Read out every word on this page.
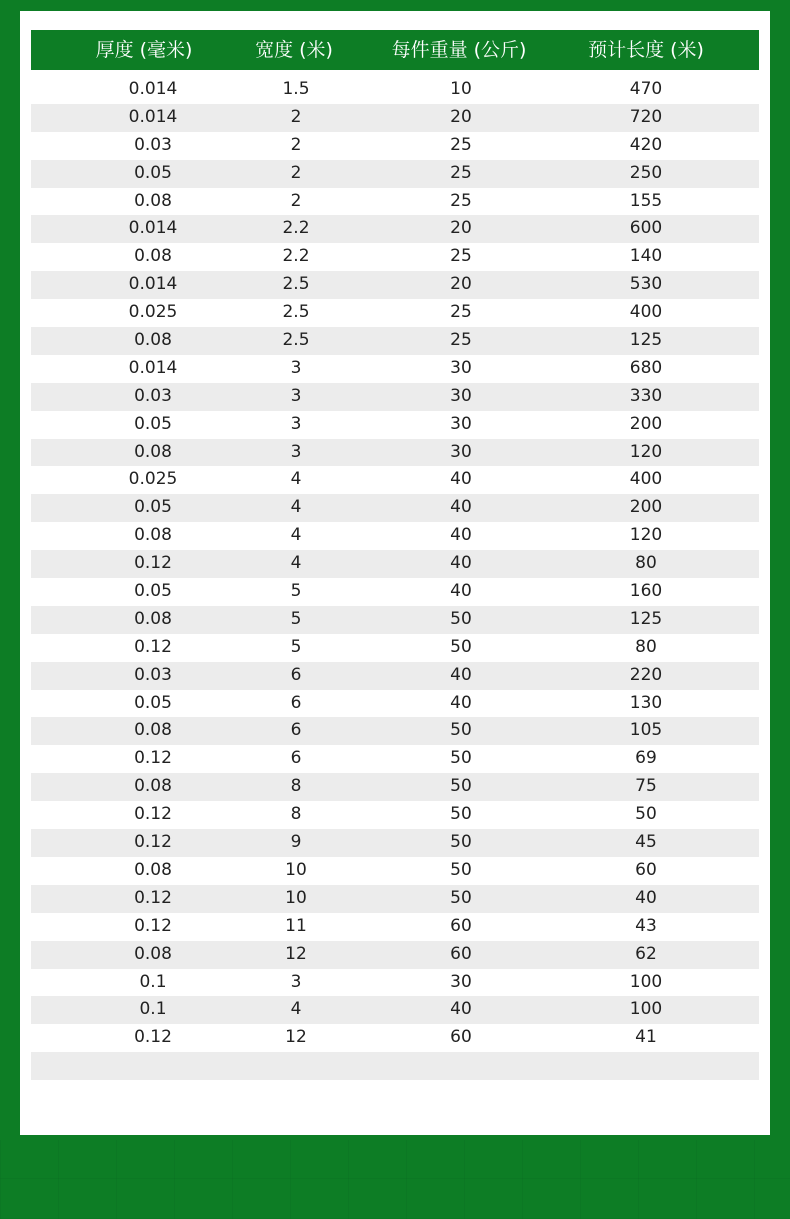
厚度 (毫米)	宽度 (米)	每件重量 (公斤)	预计长度 (米)
0.014	1.5	10	470
0.014	2	20	720
0.03	2	25	420
0.05	2	25	250
0.08	2	25	155
0.014	2.2	20	600
0.08	2.2	25	140
0.014	2.5	20	530
0.025	2.5	25	400
0.08	2.5	25	125
0.014	3	30	680
0.03	3	30	330
0.05	3	30	200
0.08	3	30	120
0.025	4	40	400
0.05	4	40	200
0.08	4	40	120
0.12	4	40	80
0.05	5	40	160
0.08	5	50	125
0.12	5	50	80
0.03	6	40	220
0.05	6	40	130
0.08	6	50	105
0.12	6	50	69
0.08	8	50	75
0.12	8	50	50
0.12	9	50	45
0.08	10	50	60
0.12	10	50	40
0.12	11	60	43
0.08	12	60	62
0.1	3	30	100
0.1	4	40	100
0.12	12	60	41
